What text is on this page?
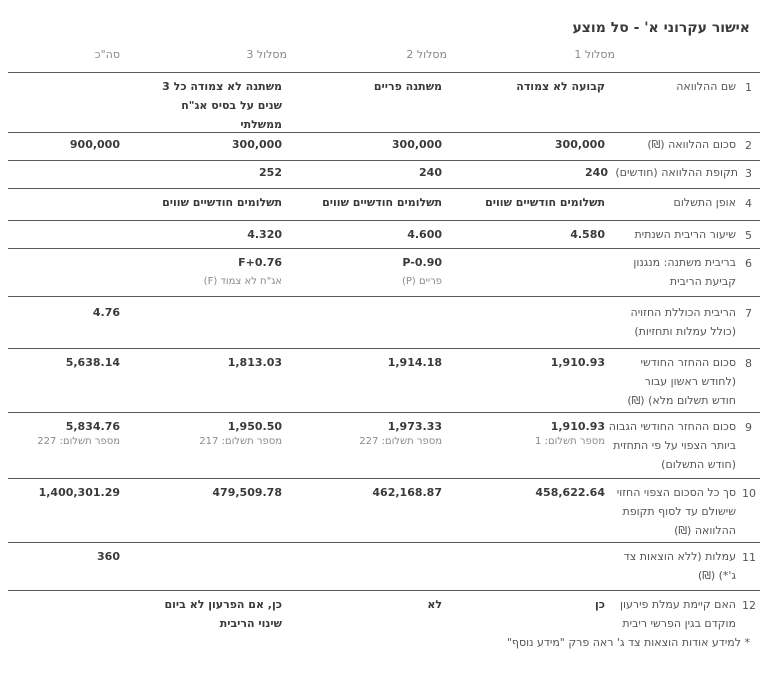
אישור עקרוני א' - סל מוצע
מסלול 1
מסלול 2
מסלול 3
סה"כ
1
שם ההלוואה
קבועה לא צמודה
משתנה פריים
משתנה לא צמודה כל 3 שנים על בסיס אג"ח ממשלתי
2
סכום ההלוואה (₪)
300,000
300,000
300,000
900,000
3
תקופת ההלוואה (חודשים)
240
240
252
4
אופן התשלום
תשלומים חודשיים שווים
תשלומים חודשיים שווים
תשלומים חודשיים שווים
5
שיעור הריבית השנתית
4.580
4.600
4.320
6
בריבית משתנה: מנגנון קביעת הריבית
P-0.90
פריים (P)
F+0.76
אג"ח לא צמוד (F)
7
הריבית הכוללת החזויה (כולל עמלות ותחזיות)
4.76
8
סכום ההחזר החודשי (לחודש ראשון עבור חודש תשלום מלא) (₪)
1,910.93
1,914.18
1,813.03
5,638.14
9
סכום ההחזר החודשי הגבוה ביותר הצפוי על פי התחזית (חודש התשלום)
1,910.93
מספר תשלום: 1
1,973.33
מספר תשלום: 227
1,950.50
מספר תשלום: 217
5,834.76
מספר תשלום: 227
10
סך כל הסכום הצפוי החזוי שישולם עד לסוף תקופת ההלוואה (₪)
458,622.64
462,168.87
479,509.78
1,400,301.29
11
עמלות (ללא הוצאות צד ג'*) (₪)
360
12
האם קיימת עמלת פירעון מוקדם בגין הפרשי ריבית
כן
לא
כן, אם הפרעון לא ביום שינוי הריבית
* למידע אודות הוצאות צד ג' ראה פרק "מידע נוסף"
